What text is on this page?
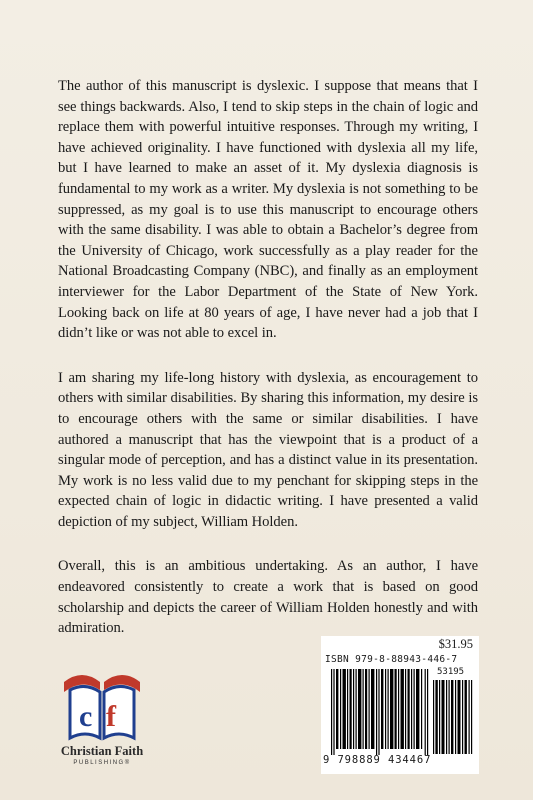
The author of this manuscript is dyslexic. I suppose that means that I see things backwards. Also, I tend to skip steps in the chain of logic and replace them with powerful intuitive responses. Through my writing, I have achieved originality. I have functioned with dyslexia all my life, but I have learned to make an asset of it. My dyslexia diagnosis is fundamental to my work as a writer. My dyslexia is not something to be suppressed, as my goal is to use this manuscript to encourage others with the same disability. I was able to obtain a Bachelor’s degree from the University of Chicago, work successfully as a play reader for the National Broadcasting Company (NBC), and finally as an employment interviewer for the Labor Department of the State of New York. Looking back on life at 80 years of age, I have never had a job that I didn’t like or was not able to excel in.

I am sharing my life-long history with dyslexia, as encouragement to others with similar disabilities. By sharing this information, my desire is to encourage others with the same or similar disabilities. I have authored a manuscript that has the viewpoint that is a product of a singular mode of perception, and has a distinct value in its presentation. My work is no less valid due to my penchant for skipping steps in the expected chain of logic in didactic writing. I have presented a valid depiction of my subject, William Holden.

Overall, this is an ambitious undertaking. As an author, I have endeavored consistently to create a work that is based on good scholarship and depicts the career of William Holden honestly and with admiration.

c f
Christian Faith
PUBLISHING®
$31.95
ISBN 979-8-88943-446-7
53195
9 798889 434467
